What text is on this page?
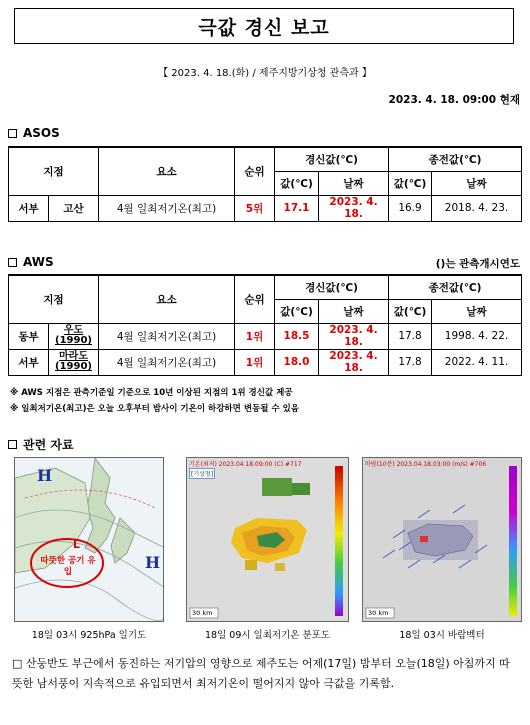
극값 경신 보고
【 2023. 4. 18.(화) / 제주지방기상청 관측과 】
2023. 4. 18. 09:00 현재
ASOS
지점		요소	순위	경신값(℃)		종전값(℃)	
				값(℃)	날짜	값(℃)	날짜
서부	고산	4월 일최저기온(최고)	5위	17.1	2023. 4. 18.	16.9	2018. 4. 23.
AWS	()는 관측개시연도
지점		요소	순위	경신값(℃)		종전값(℃)	
				값(℃)	날짜	값(℃)	날짜
동부	우도
(1990)	4월 일최저기온(최고)	1위	18.5	2023. 4. 18.	17.8	1998. 4. 22.
서부	마라도
(1990)	4월 일최저기온(최고)	1위	18.0	2023. 4. 18.	17.8	2022. 4. 11.
※ AWS 지점은 관측기준일 기준으로 10년 이상된 지점의 1위 경신값 제공
※ 일최저기온(최고)은 오늘 오후부터 밤사이 기온이 하강하면 변동될 수 있음
관련 자료
H
H
L
따뜻한 공기 유입
18일 03시 925hPa 일기도
기온(최저) 2023.04.18.09:00 (C) #717
[기상청]
30 km
18일 09시 일최저기온 분포도
바람(10분) 2023.04.18.03:00 (m/s) #706
30 km
18일 03시 바람벡터
□ 산둥반도 부근에서 동진하는 저기압의 영향으로 제주도는 어제(17일) 밤부터 오늘(18일) 아침까지 따뜻한 남서풍이 지속적으로 유입되면서 최저기온이 떨어지지 않아 극값을 기록함.
